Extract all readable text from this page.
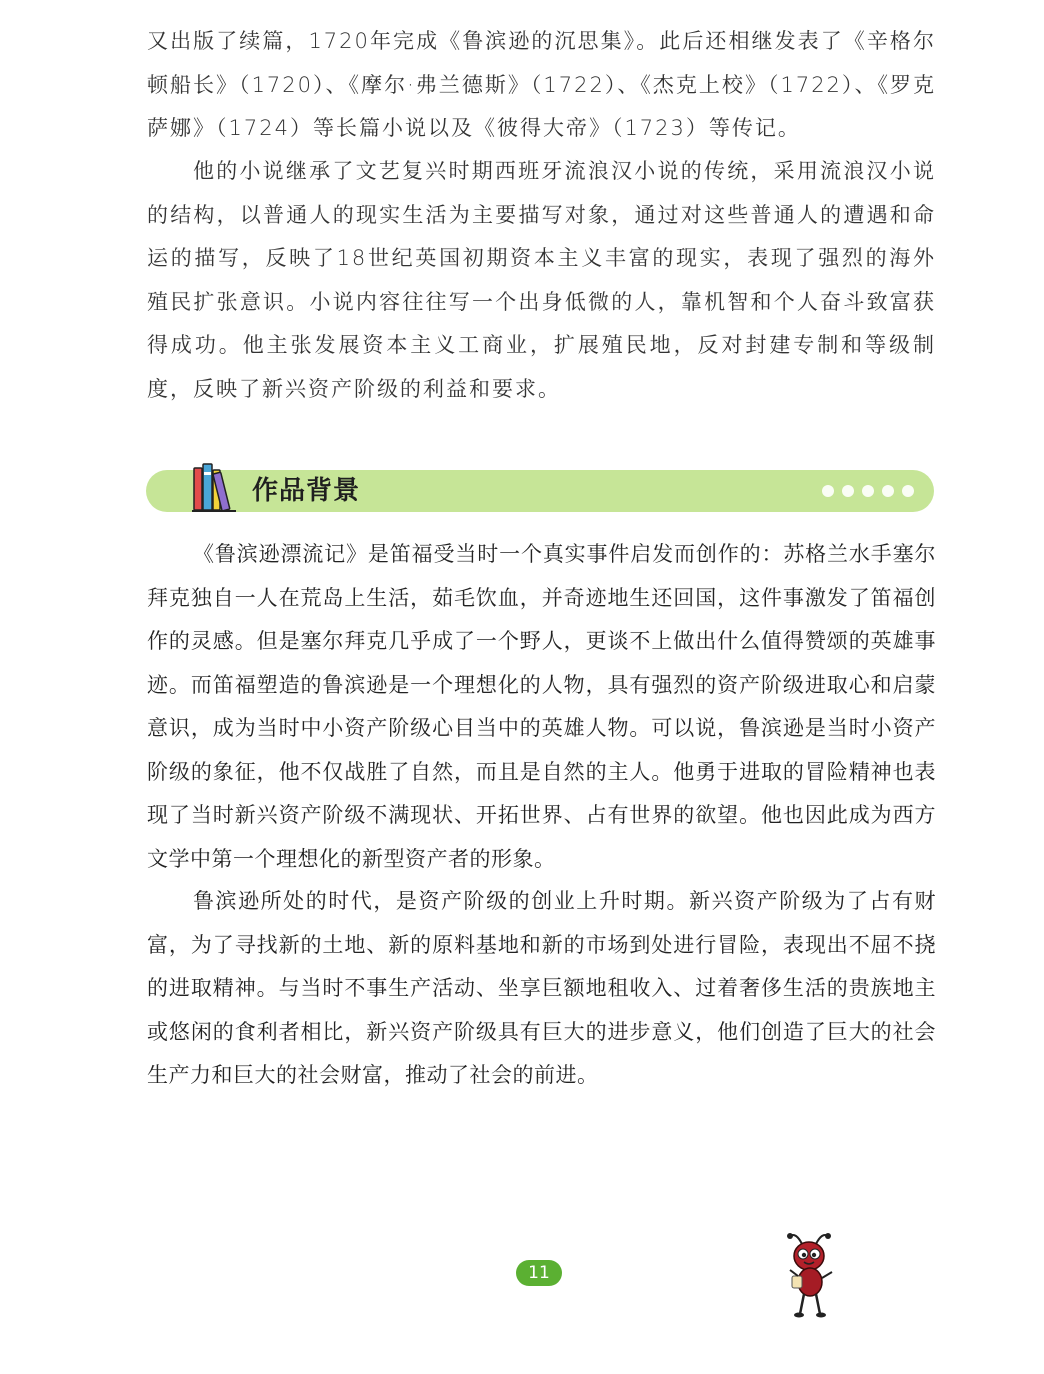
又出版了续篇，1720年完成《鲁滨逊的沉思集》。此后还相继发表了《辛格尔顿船长》（1720）、《摩尔·弗兰德斯》（1722）、《杰克上校》（1722）、《罗克萨娜》（1724）等长篇小说以及《彼得大帝》（1723）等传记。

他的小说继承了文艺复兴时期西班牙流浪汉小说的传统，采用流浪汉小说的结构，以普通人的现实生活为主要描写对象，通过对这些普通人的遭遇和命运的描写，反映了18世纪英国初期资本主义丰富的现实，表现了强烈的海外殖民扩张意识。小说内容往往写一个出身低微的人，靠机智和个人奋斗致富获得成功。他主张发展资本主义工商业，扩展殖民地，反对封建专制和等级制度，反映了新兴资产阶级的利益和要求。

作品背景

《鲁滨逊漂流记》是笛福受当时一个真实事件启发而创作的：苏格兰水手塞尔拜克独自一人在荒岛上生活，茹毛饮血，并奇迹地生还回国，这件事激发了笛福创作的灵感。但是塞尔拜克几乎成了一个野人，更谈不上做出什么值得赞颂的英雄事迹。而笛福塑造的鲁滨逊是一个理想化的人物，具有强烈的资产阶级进取心和启蒙意识，成为当时中小资产阶级心目当中的英雄人物。可以说，鲁滨逊是当时小资产阶级的象征，他不仅战胜了自然，而且是自然的主人。他勇于进取的冒险精神也表现了当时新兴资产阶级不满现状、开拓世界、占有世界的欲望。他也因此成为西方文学中第一个理想化的新型资产者的形象。

鲁滨逊所处的时代，是资产阶级的创业上升时期。新兴资产阶级为了占有财富，为了寻找新的土地、新的原料基地和新的市场到处进行冒险，表现出不屈不挠的进取精神。与当时不事生产活动、坐享巨额地租收入、过着奢侈生活的贵族地主或悠闲的食利者相比，新兴资产阶级具有巨大的进步意义，他们创造了巨大的社会生产力和巨大的社会财富，推动了社会的前进。

11
